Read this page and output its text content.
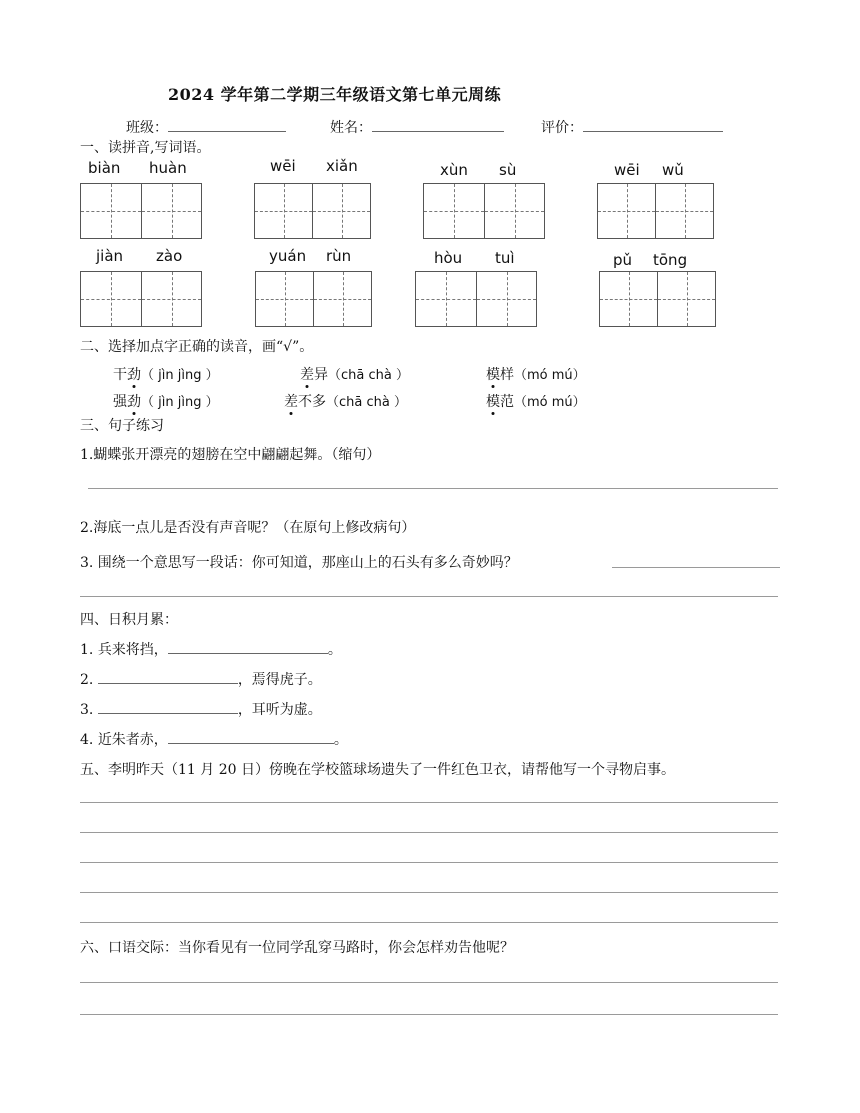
2024 学年第二学期三年级语文第七单元周练
班级：	姓名：	评价：
一、读拼音,写词语。
biàn huàn	wēi xiǎn	xùn sù	wēi wǔ
jiàn zào	yuán rùn	hòu tuì	pǔ tōng
二、选择加点字正确的读音，画“√”。
干劲（ jìn jìng ）	差异（chā chà ）	模样（mó mú）
强劲（ jìn jìng ）	差不多（chā chà ）	模范（mó mú）
三、句子练习
1.蝴蝶张开漂亮的翅膀在空中翩翩起舞。（缩句）
2.海底一点儿是否没有声音呢？（在原句上修改病句）
3. 围绕一个意思写一段话：你可知道，那座山上的石头有多么奇妙吗？
四、日积月累：
1. 兵来将挡，	。
2.	，焉得虎子。
3.	，耳听为虚。
4. 近朱者赤，	。
五、李明昨天（11 月 20 日）傍晚在学校篮球场遗失了一件红色卫衣，请帮他写一个寻物启事。
六、口语交际：当你看见有一位同学乱穿马路时，你会怎样劝告他呢？
